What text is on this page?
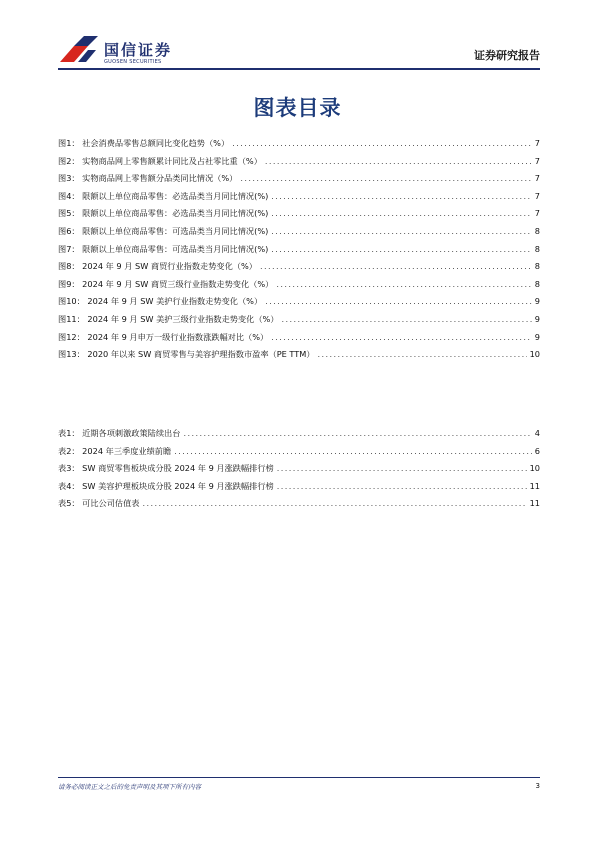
国信证券
GUOSEN SECURITIES	证券研究报告
图表目录
图1： 社会消费品零售总额同比变化趋势（%） .....	7
图2： 实物商品网上零售额累计同比及占社零比重（%） .....	7
图3： 实物商品网上零售额分品类同比情况（%） .....	7
图4： 限额以上单位商品零售：必选品类当月同比情况(%) .....	7
图5： 限额以上单位商品零售：必选品类当月同比情况(%) .....	7
图6： 限额以上单位商品零售：可选品类当月同比情况(%) .....	8
图7： 限额以上单位商品零售：可选品类当月同比情况(%) .....	8
图8： 2024 年 9 月 SW 商贸行业指数走势变化（%） .....	8
图9： 2024 年 9 月 SW 商贸三级行业指数走势变化（%） .....	8
图10： 2024 年 9 月 SW 美护行业指数走势变化（%） .....	9
图11： 2024 年 9 月 SW 美护三级行业指数走势变化（%） .....	9
图12： 2024 年 9 月申万一级行业指数涨跌幅对比（%） .....	9
图13： 2020 年以来 SW 商贸零售与美容护理指数市盈率（PE TTM） .....	10
表1： 近期各项刺激政策陆续出台 .....	4
表2： 2024 年三季度业绩前瞻 .....	6
表3： SW 商贸零售板块成分股 2024 年 9 月涨跌幅排行榜 .....	10
表4： SW 美容护理板块成分股 2024 年 9 月涨跌幅排行榜 .....	11
表5： 可比公司估值表 .....	11
请务必阅读正文之后的免责声明及其项下所有内容	3
